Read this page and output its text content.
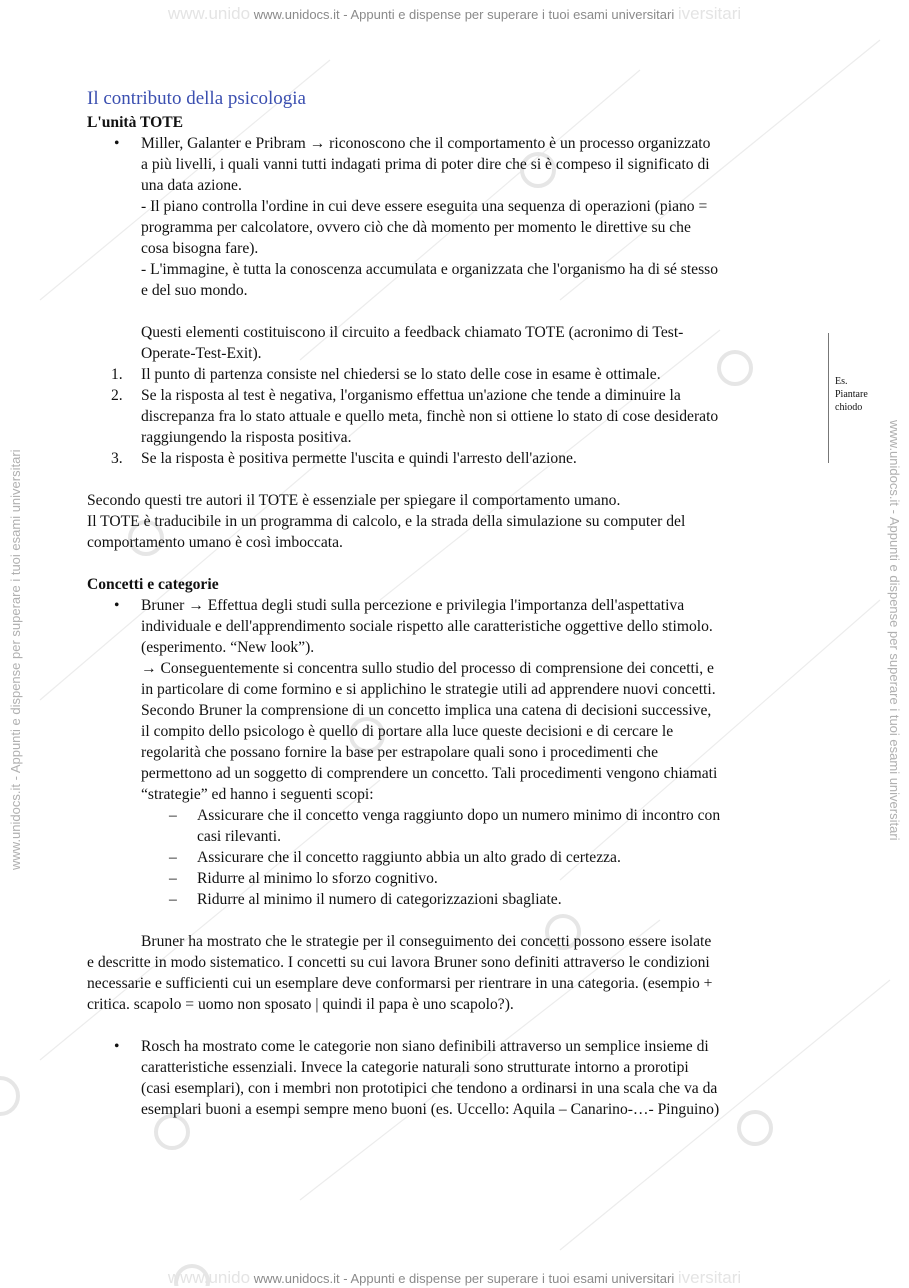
www.unido www.unidocs.it - Appunti e dispense per superare i tuoi esami universitari iversitari
www.unido www.unidocs.it - Appunti e dispense per superare i tuoi esami universitari iversitari
www.unidocs.it - Appunti e dispense per superare i tuoi esami universitari	www.unidocs.it - Appunti e dispense per superare i tuoi esami universitari
Es.
Piantare
chiodo
Il contributo della psicologia

L'unità TOTE

• Miller, Galanter e Pribram → riconoscono che il comportamento è un processo organizzato
a più livelli, i quali vanni tutti indagati prima di poter dire che si è compeso il significato di
una data azione.
- Il piano controlla l'ordine in cui deve essere eseguita una sequenza di operazioni (piano =
programma per calcolatore, ovvero ciò che dà momento per momento le direttive su che
cosa bisogna fare).
- L'immagine, è tutta la conoscenza accumulata e organizzata che l'organismo ha di sé stesso
e del suo mondo.
Questi elementi costituiscono il circuito a feedback chiamato TOTE (acronimo di Test-
Operate-Test-Exit).
1. Il punto di partenza consiste nel chiedersi se lo stato delle cose in esame è ottimale.
2. Se la risposta al test è negativa, l'organismo effettua un'azione che tende a diminuire la
discrepanza fra lo stato attuale e quello meta, finchè non si ottiene lo stato di cose desiderato
raggiungendo la risposta positiva.
3. Se la risposta è positiva permette l'uscita e quindi l'arresto dell'azione.
Secondo questi tre autori il TOTE è essenziale per spiegare il comportamento umano.
Il TOTE è traducibile in un programma di calcolo, e la strada della simulazione su computer del
comportamento umano è così imboccata.

Concetti e categorie

• Bruner → Effettua degli studi sulla percezione e privilegia l'importanza dell'aspettativa
individuale e dell'apprendimento sociale rispetto alle caratteristiche oggettive dello stimolo.
(esperimento. “New look”).
→ Conseguentemente si concentra sullo studio del processo di comprensione dei concetti, e
in particolare di come formino e si applichino le strategie utili ad apprendere nuovi concetti.
Secondo Bruner la comprensione di un concetto implica una catena di decisioni successive,
il compito dello psicologo è quello di portare alla luce queste decisioni e di cercare le
regolarità che possano fornire la base per estrapolare quali sono i procedimenti che
permettono ad un soggetto di comprendere un concetto. Tali procedimenti vengono chiamati
“strategie” ed hanno i seguenti scopi:
– Assicurare che il concetto venga raggiunto dopo un numero minimo di incontro con
casi rilevanti.
– Assicurare che il concetto raggiunto abbia un alto grado di certezza.
– Ridurre al minimo lo sforzo cognitivo.
– Ridurre al minimo il numero di categorizzazioni sbagliate.
Bruner ha mostrato che le strategie per il conseguimento dei concetti possono essere isolate
e descritte in modo sistematico. I concetti su cui lavora Bruner sono definiti attraverso le condizioni
necessarie e sufficienti cui un esemplare deve conformarsi per rientrare in una categoria. (esempio +
critica. scapolo = uomo non sposato | quindi il papa è uno scapolo?).
• Rosch ha mostrato come le categorie non siano definibili attraverso un semplice insieme di
caratteristiche essenziali. Invece la categorie naturali sono strutturate intorno a prorotipi
(casi esemplari), con i membri non prototipici che tendono a ordinarsi in una scala che va da
esemplari buoni a esempi sempre meno buoni (es. Uccello: Aquila – Canarino-…- Pinguino)
